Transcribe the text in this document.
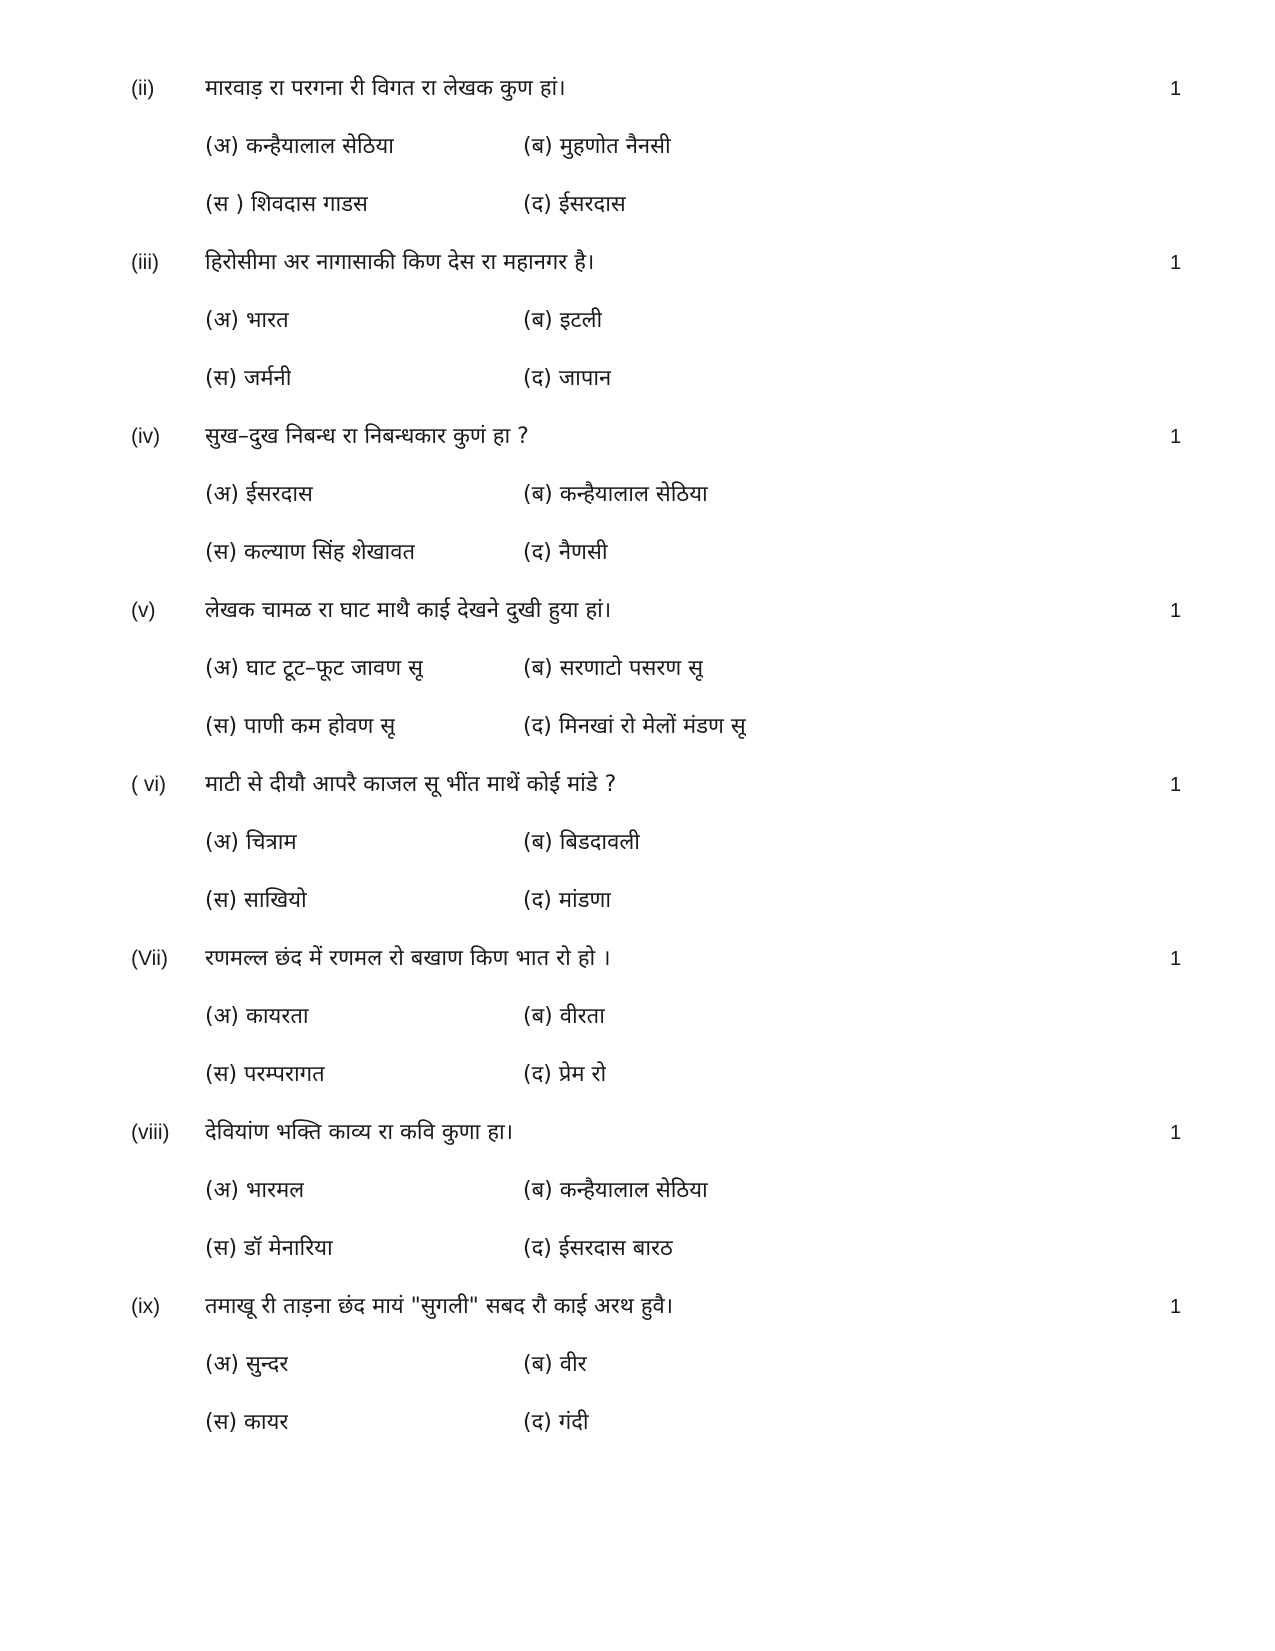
(ii) मारवाड़ रा परगना री विगत रा लेखक कुण हां।	1
(अ) कन्हैयालाल सेठिया	(ब) मुहणोत नैनसी
(स ) शिवदास गाडस	(द) ईसरदास
(iii) हिरोसीमा अर नागासाकी किण देस रा महानगर है।	1
(अ) भारत	(ब) इटली
(स) जर्मनी	(द) जापान
(iv) सुख–दुख निबन्ध रा निबन्धकार कुणं हा ?	1
(अ) ईसरदास	(ब) कन्हैयालाल सेठिया
(स) कल्याण सिंह शेखावत	(द) नैणसी
(v) लेखक चामळ रा घाट माथै काई देखने दुखी हुया हां।	1
(अ) घाट टूट–फूट जावण सू	(ब) सरणाटो पसरण सू
(स) पाणी कम होवण सू	(द) मिनखां रो मेलों मंडण सू
( vi) माटी से दीयौ आपरै काजल सू भींत माथें कोई मांडे ?	1
(अ) चित्राम	(ब) बिडदावली
(स) साखियो	(द) मांडणा
(Vii) रणमल्ल छंद में रणमल रो बखाण किण भात रो हो ।	1
(अ) कायरता	(ब) वीरता
(स) परम्परागत	(द) प्रेम रो
(viii) देवियांण भक्ति काव्य रा कवि कुणा हा।	1
(अ) भारमल	(ब) कन्हैयालाल सेठिया
(स) डॉ मेनारिया	(द) ईसरदास बारठ
(ix) तमाखू री ताड़ना छंद मायं "सुगली" सबद रौ काई अरथ हुवै।	1
(अ) सुन्दर	(ब) वीर
(स) कायर	(द) गंदी
